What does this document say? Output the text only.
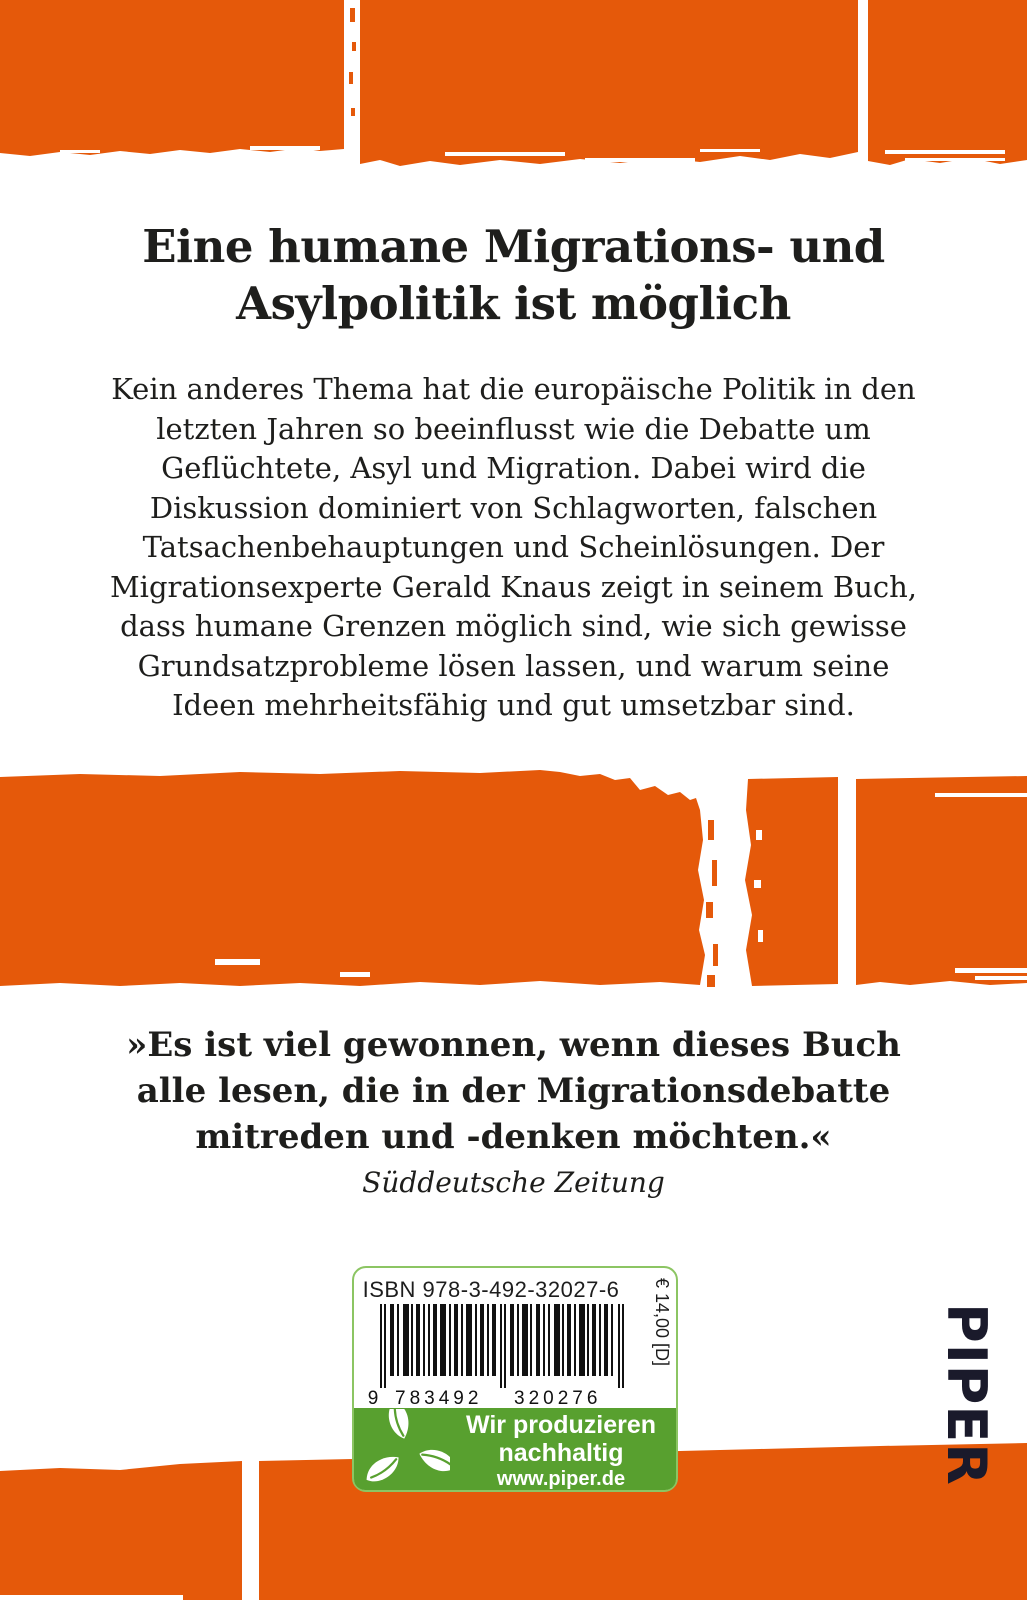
Eine humane Migrations- und
Asylpolitik ist möglich
Kein anderes Thema hat die europäische Politik in den
letzten Jahren so beeinflusst wie die Debatte um
Geflüchtete, Asyl und Migration. Dabei wird die
Diskussion dominiert von Schlagworten, falschen
Tatsachenbehauptungen und Scheinlösungen. Der
Migrationsexperte Gerald Knaus zeigt in seinem Buch,
dass humane Grenzen möglich sind, wie sich gewisse
Grundsatzprobleme lösen lassen, und warum seine
Ideen mehrheitsfähig und gut umsetzbar sind.
»Es ist viel gewonnen, wenn dieses Buch
alle lesen, die in der Migrationsdebatte
mitreden und -denken möchten.«
Süddeutsche Zeitung
ISBN 978-3-492-32027-6
9 783492 320276
€ 14,00 [D]
Wir produzieren
nachhaltig
www.piper.de	PIPER
